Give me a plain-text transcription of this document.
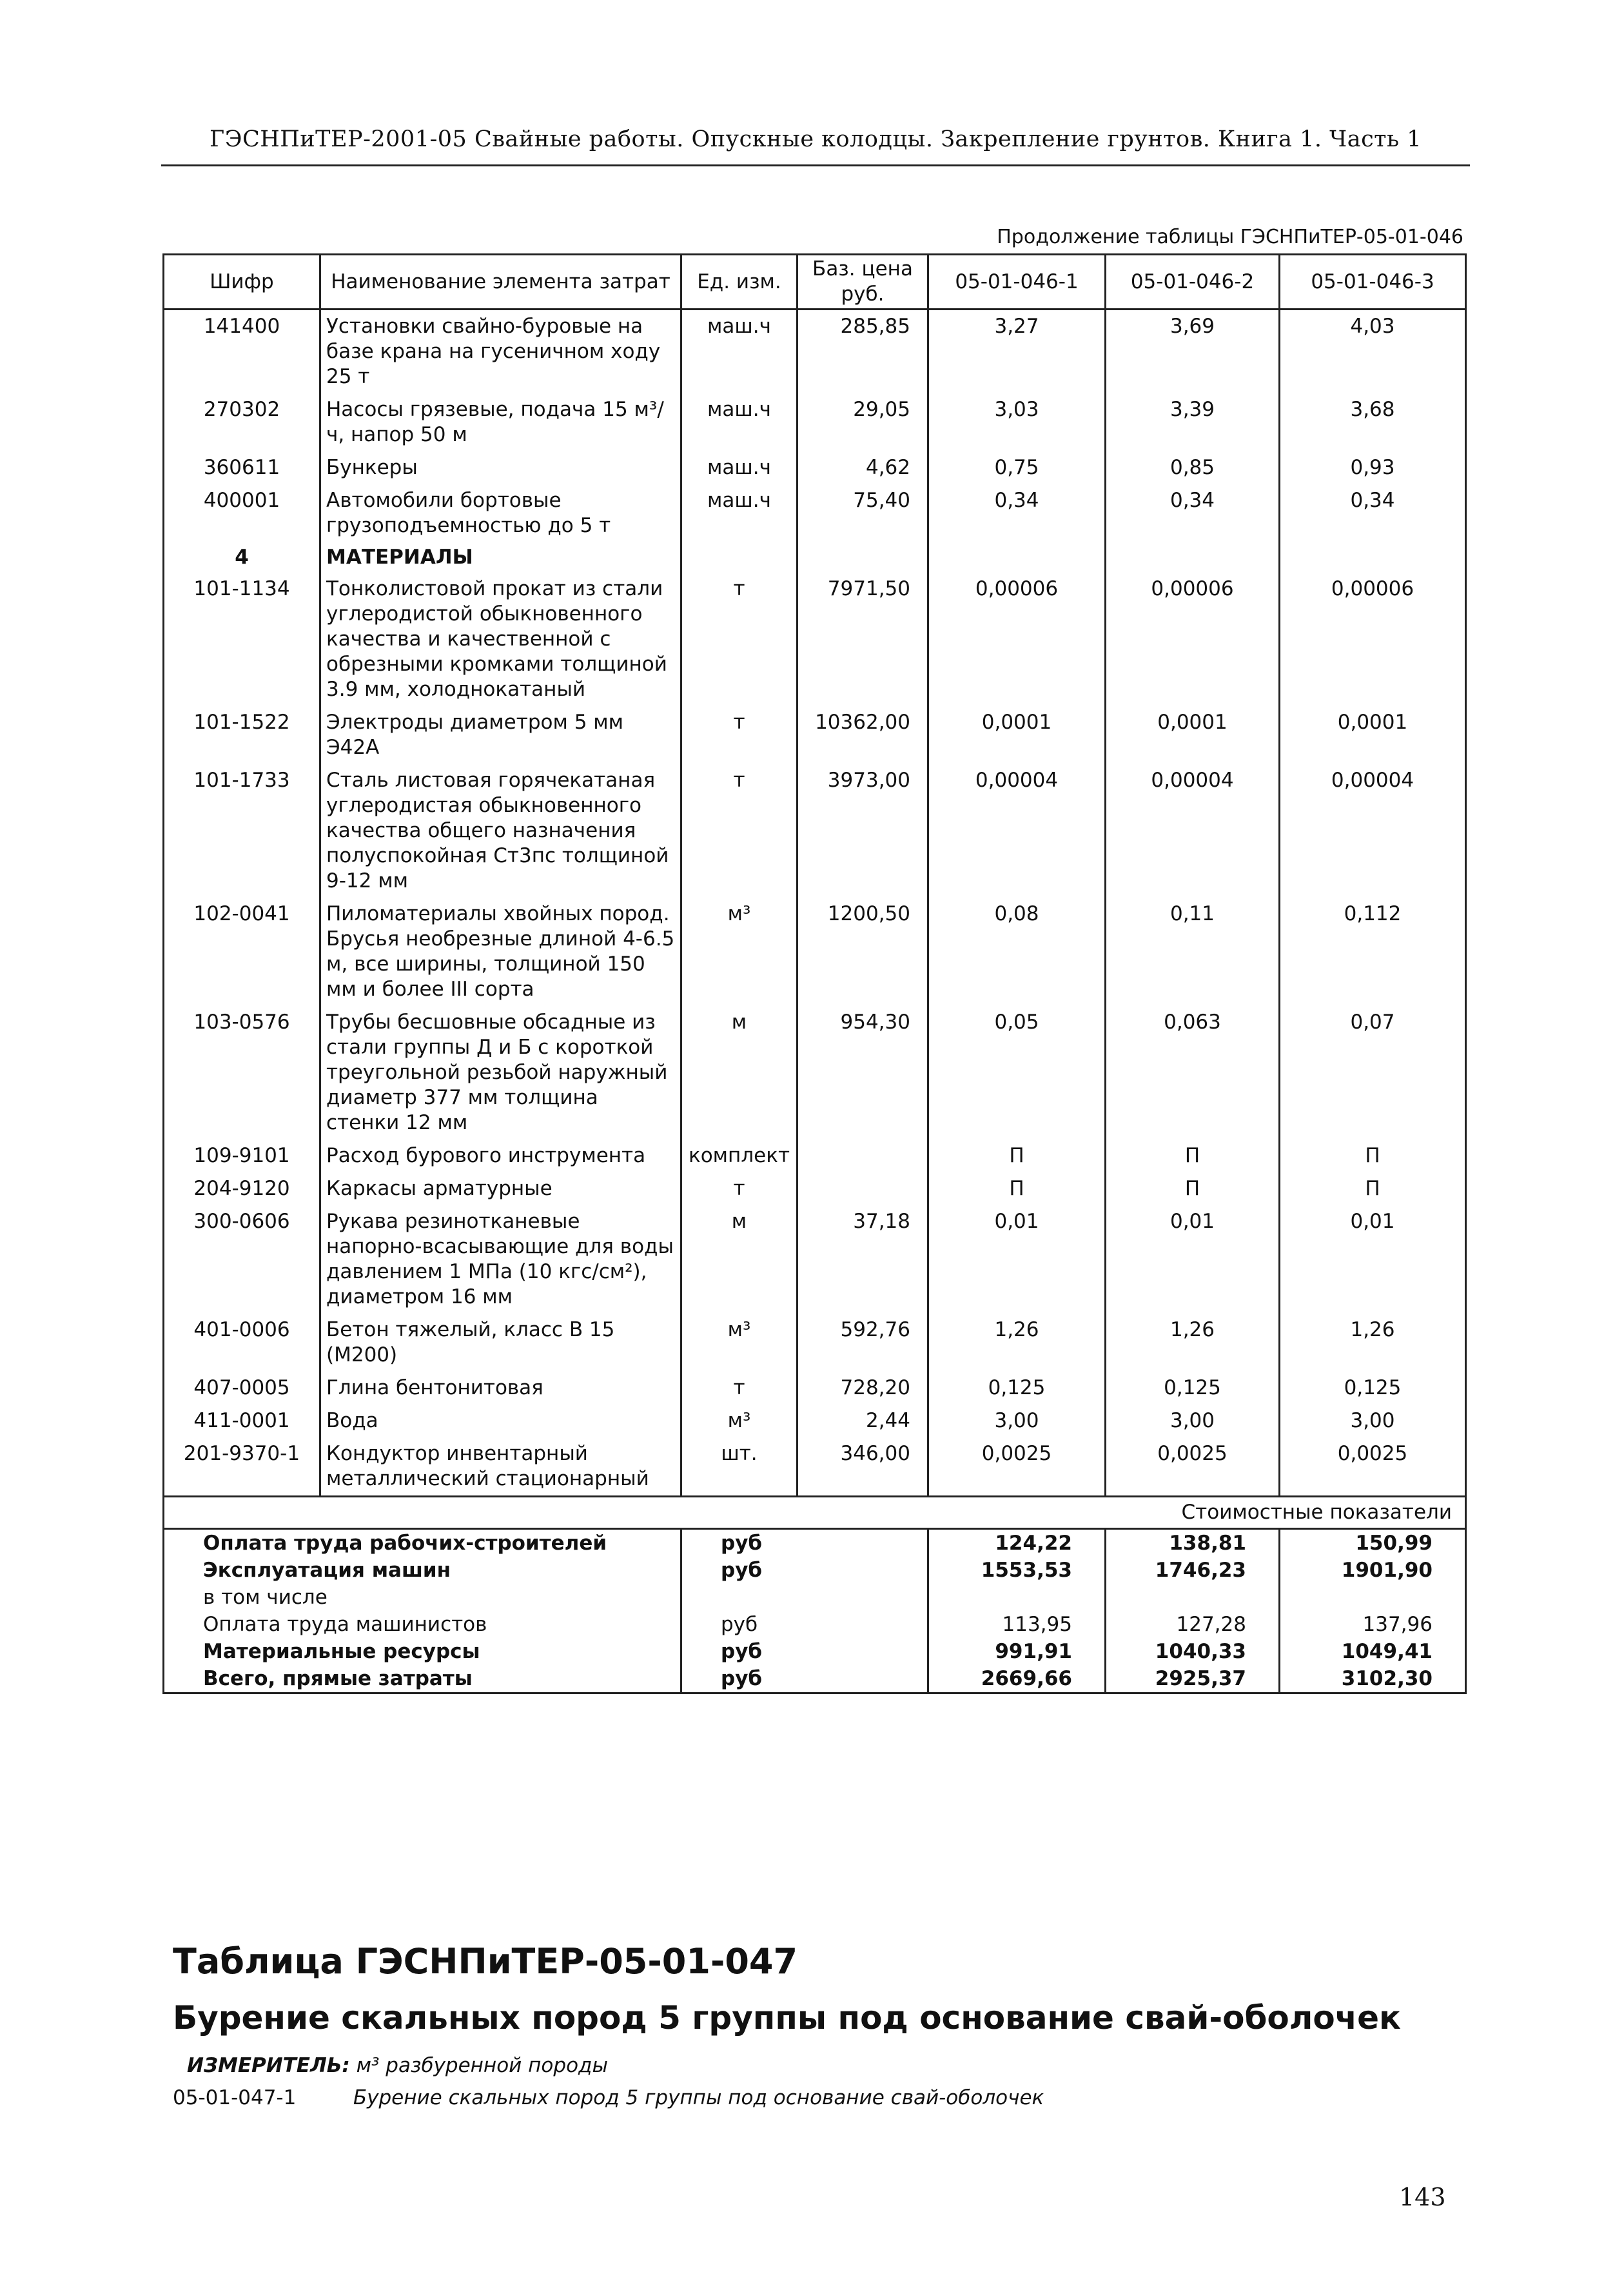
ГЭСНПиТЕР-2001-05 Свайные работы. Опускные колодцы. Закрепление грунтов. Книга 1. Часть 1
Продолжение таблицы ГЭСНПиТЕР-05-01-046
Шифр	Наименование элемента затрат	Ед. изм.	Баз. цена руб.	05-01-046-1	05-01-046-2	05-01-046-3
141400	Установки свайно-буровые на базе крана на гусеничном ходу 25 т	маш.ч	285,85	3,27	3,69	4,03
270302	Насосы грязевые, подача 15 м³/ч, напор 50 м	маш.ч	29,05	3,03	3,39	3,68
360611	Бункеры	маш.ч	4,62	0,75	0,85	0,93
400001	Автомобили бортовые грузоподъемностью до 5 т	маш.ч	75,40	0,34	0,34	0,34
4	МАТЕРИАЛЫ					
101-1134	Тонколистовой прокат из стали углеродистой обыкновенного качества и качественной с обрезными кромками толщиной 3.9 мм, холоднокатаный	т	7971,50	0,00006	0,00006	0,00006
101-1522	Электроды диаметром 5 мм Э42А	т	10362,00	0,0001	0,0001	0,0001
101-1733	Сталь листовая горячекатаная углеродистая обыкновенного качества общего назначения полуспокойная Ст3пс толщиной 9-12 мм	т	3973,00	0,00004	0,00004	0,00004
102-0041	Пиломатериалы хвойных пород. Брусья необрезные длиной 4-6.5 м, все ширины, толщиной 150 мм и более III сорта	м³	1200,50	0,08	0,11	0,112
103-0576	Трубы бесшовные обсадные из стали группы Д и Б с короткой треугольной резьбой наружный диаметр 377 мм толщина стенки 12 мм	м	954,30	0,05	0,063	0,07
109-9101	Расход бурового инструмента	комплект		П	П	П
204-9120	Каркасы арматурные	т		П	П	П
300-0606	Рукава резинотканевые напорно-всасывающие для воды давлением 1 МПа (10 кгс/см²), диаметром 16 мм	м	37,18	0,01	0,01	0,01
401-0006	Бетон тяжелый, класс В 15 (М200)	м³	592,76	1,26	1,26	1,26
407-0005	Глина бентонитовая	т	728,20	0,125	0,125	0,125
411-0001	Вода	м³	2,44	3,00	3,00	3,00
201-9370-1	Кондуктор инвентарный металлический стационарный	шт.	346,00	0,0025	0,0025	0,0025
Стоимостные показатели						
Оплата труда рабочих-строителей		руб		124,22	138,81	150,99
Эксплуатация машин		руб		1553,53	1746,23	1901,90
в том числе						
Оплата труда машинистов		руб		113,95	127,28	137,96
Материальные ресурсы		руб		991,91	1040,33	1049,41
Всего, прямые затраты		руб		2669,66	2925,37	3102,30
Таблица ГЭСНПиТЕР-05-01-047
Бурение скальных пород 5 группы под основание свай-оболочек
ИЗМЕРИТЕЛЬ: м³ разбуренной породы
05-01-047-1	Бурение скальных пород 5 группы под основание свай-оболочек
143
